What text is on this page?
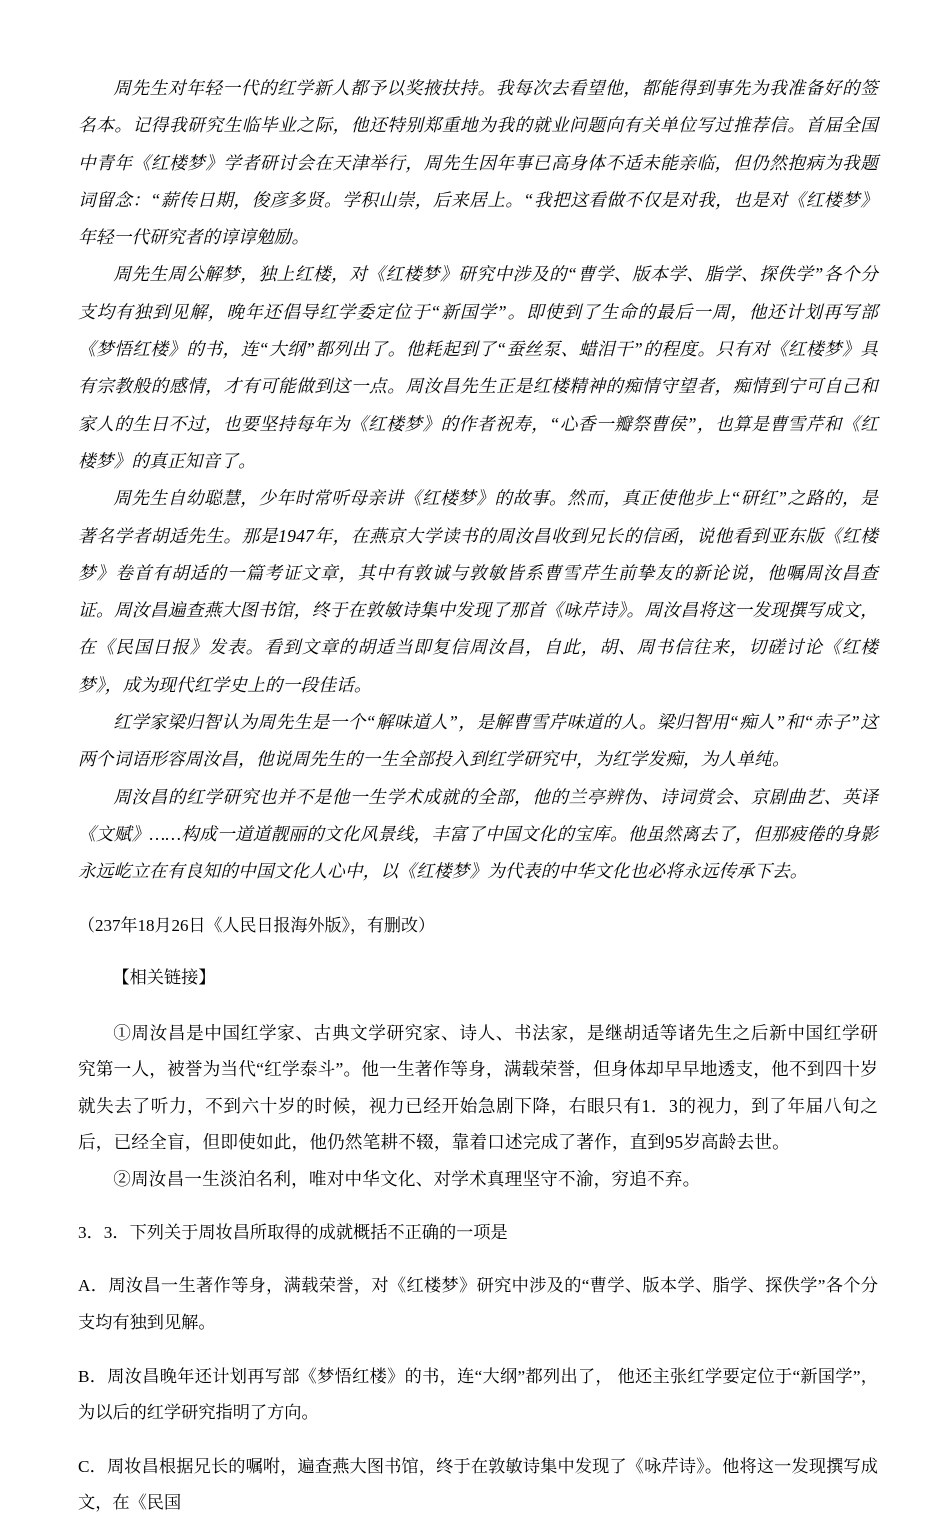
周先生对年轻一代的红学新人都予以奖掖扶持。我每次去看望他，都能得到事先为我准备好的签名本。记得我研究生临毕业之际，他还特别郑重地为我的就业问题向有关单位写过推荐信。首届全国中青年《红楼梦》学者研讨会在天津举行，周先生因年事已高身体不适未能亲临，但仍然抱病为我题词留念：“薪传日期，俊彦多贤。学积山崇，后来居上。“我把这看做不仅是对我，也是对《红楼梦》年轻一代研究者的谆谆勉励。

周先生周公解梦，独上红楼，对《红楼梦》研究中涉及的“曹学、版本学、脂学、探佚学”各个分支均有独到见解，晚年还倡导红学委定位于“新国学”。即使到了生命的最后一周，他还计划再写部《梦悟红楼》的书，连“大纲”都列出了。他耗起到了“蚕丝泵、蜡泪干”的程度。只有对《红楼梦》具有宗教般的感情，才有可能做到这一点。周汝昌先生正是红楼精神的痴情守望者，痴情到宁可自己和家人的生日不过，也要坚持每年为《红楼梦》的作者祝寿，“心香一瓣祭曹侯”，也算是曹雪芹和《红楼梦》的真正知音了。

周先生自幼聪慧，少年时常听母亲讲《红楼梦》的故事。然而，真正使他步上“研红”之路的，是著名学者胡适先生。那是1947年，在燕京大学读书的周汝昌收到兄长的信函，说他看到亚东版《红楼梦》卷首有胡适的一篇考证文章，其中有敦诚与敦敏皆系曹雪芹生前挚友的新论说，他嘱周汝昌查证。周汝昌遍查燕大图书馆，终于在敦敏诗集中发现了那首《咏芹诗》。周汝昌将这一发现撰写成文，在《民国日报》发表。看到文章的胡适当即复信周汝昌，自此，胡、周书信往来，切磋讨论《红楼梦》，成为现代红学史上的一段佳话。

红学家梁归智认为周先生是一个“解味道人”，是解曹雪芹味道的人。梁归智用“痴人”和“赤子”这两个词语形容周汝昌，他说周先生的一生全部投入到红学研究中，为红学发痴，为人单纯。

周汝昌的红学研究也并不是他一生学术成就的全部，他的兰亭辨伪、诗词赏会、京剧曲艺、英译《文赋》……构成一道道靓丽的文化风景线，丰富了中国文化的宝库。他虽然离去了，但那疲倦的身影永远屹立在有良知的中国文化人心中，以《红楼梦》为代表的中华文化也必将永远传承下去。

（237年18月26日《人民日报海外版》，有删改）

【相关链接】

①周汝昌是中国红学家、古典文学研究家、诗人、书法家，是继胡适等诸先生之后新中国红学研究第一人，被誉为当代“红学泰斗”。他一生著作等身，满载荣誉，但身体却早早地透支，他不到四十岁就失去了听力，不到六十岁的时候，视力已经开始急剧下降，右眼只有1．3的视力，到了年届八旬之后，已经全盲，但即使如此，他仍然笔耕不辍，靠着口述完成了著作，直到95岁高龄去世。

②周汝昌一生淡泊名利，唯对中华文化、对学术真理坚守不渝，穷追不弃。

3．3．下列关于周妆昌所取得的成就概括不正确的一项是

A．周汝昌一生著作等身，满载荣誉，对《红楼梦》研究中涉及的“曹学、版本学、脂学、探佚学”各个分支均有独到见解。

B．周汝昌晚年还计划再写部《梦悟红楼》的书，连“大纲”都列出了， 他还主张红学要定位于“新国学”，为以后的红学研究指明了方向。

C．周妆昌根据兄长的嘱咐，遍查燕大图书馆，终于在敦敏诗集中发现了《咏芹诗》。他将这一发现撰写成文，在《民国
